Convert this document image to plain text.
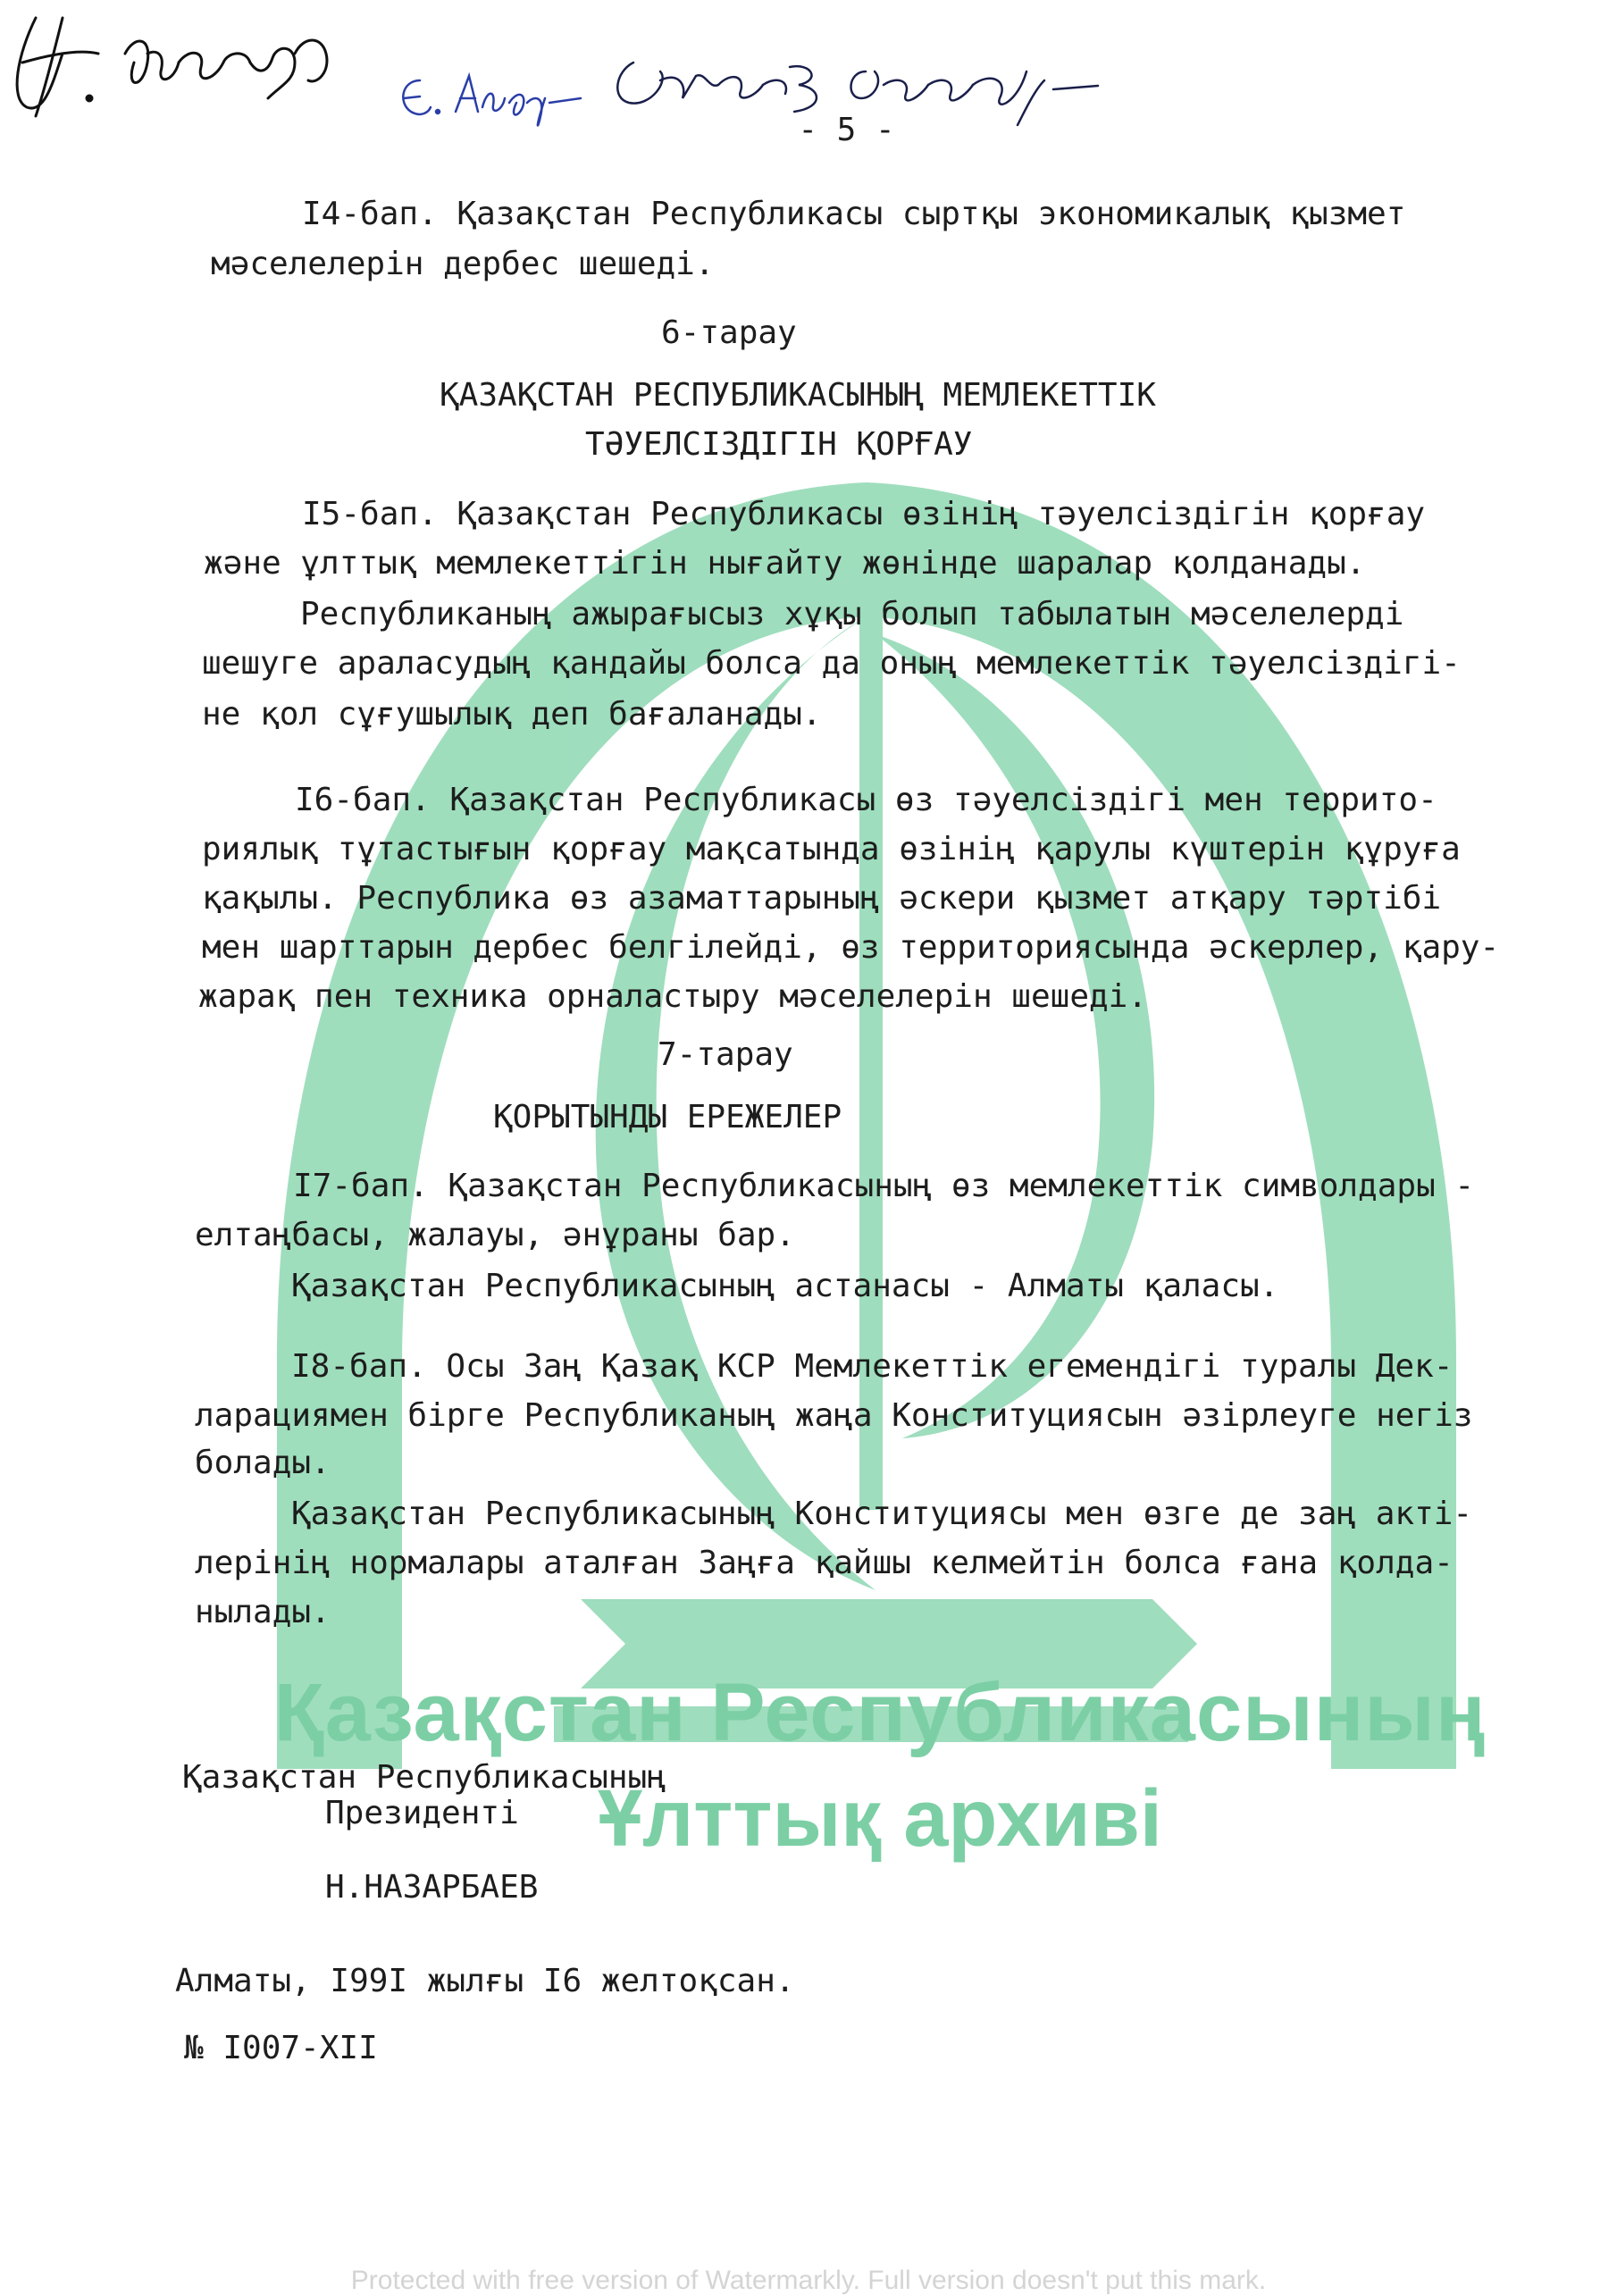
Қазақстан Республикасының
Ұлттық архиві
- 5 -
I4-бап. Қазақстан Республикасы сыртқы экономикалық қызмет
мәселелерін дербес шешеді.
6-тарау
ҚАЗАҚСТАН РЕСПУБЛИКАСЫНЫҢ МЕМЛЕКЕТТІК
ТӘУЕЛСІЗДІГІН ҚОРҒАУ
I5-бап. Қазақстан Республикасы өзінің тәуелсіздігін қорғау
және ұлттық мемлекеттігін нығайту жөнінде шаралар қолданады.
Республиканың ажырағысыз хұқы болып табылатын мәселелерді
шешуге араласудың қандайы болса да оның мемлекеттік тәуелсіздігі-
не қол сұғушылық деп бағаланады.
I6-бап. Қазақстан Республикасы өз тәуелсіздігі мен террито-
риялық тұтастығын қорғау мақсатында өзінің қарулы күштерін құруға
қақылы. Республика өз азаматтарының әскери қызмет атқару тәртібі
мен шарттарын дербес белгілейді, өз территориясында әскерлер, қару-
жарақ пен техника орналастыру мәселелерін шешеді.
7-тарау
ҚОРЫТЫНДЫ ЕРЕЖЕЛЕР
I7-бап. Қазақстан Республикасының өз мемлекеттік символдары -
елтаңбасы, жалауы, әнұраны бар.
Қазақстан Республикасының астанасы - Алматы қаласы.
I8-бап. Осы Заң Қазақ КСР Мемлекеттік егемендігі туралы Дек-
ларациямен бірге Республиканың жаңа Конституциясын әзірлеуге негіз
болады.
Қазақстан Республикасының Конституциясы мен өзге де заң акті-
лерінің нормалары аталған Заңға қайшы келмейтін болса ғана қолда-
нылады.
Қазақстан Республикасының
Президенті
Н.НАЗАРБАЕВ

Алматы, I99I жылғы I6 желтоқсан.
№ I007-XII

Protected with free version of Watermarkly. Full version doesn't put this mark.
